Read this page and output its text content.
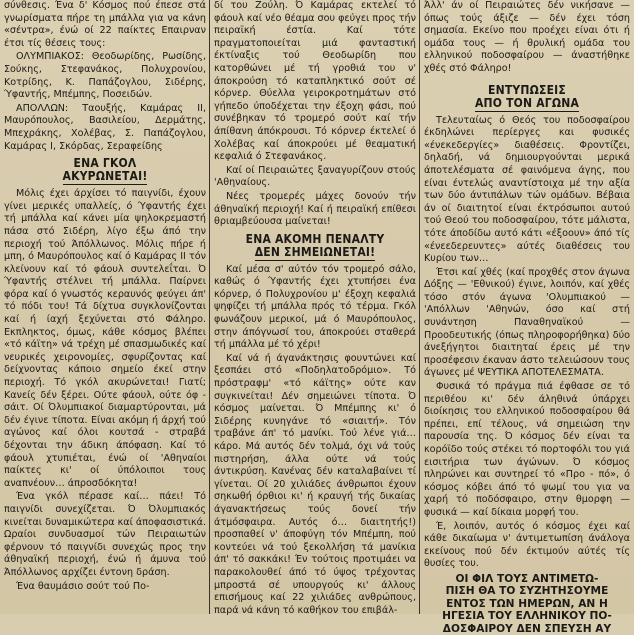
σύνθεσις. Ένα δ' Κόσμος πού έπεσε στά γνωρίσματα πήρε τη μπάλλα για να κάνη «σέντρα», ένώ οί 22 παίκτες Επαιρναν έτσι τίς θέσεις τους:

ΟΛΥΜΠΙΑΚΟΣ: Θεοδωρίδης, Ρωσίδης, Σούκης, Στεφανάκος, Πολυχρονίου, Κοτρίδης, Κ. Παπάζογλου, Σιδέρης, Ύφαντής, Μπέμπης, Ποσειδών.

ΑΠΟΛΛΩΝ: Ταουξής, Καμάρας ΙΙ, Μαυρόπουλος, Βασιλείου, Δερμάτης, Μπεχράκης, Χολέβας, Σ. Παπάζογλου, Καμάρας Ι, Σκόρδας, Σεραφείδης

ΕΝΑ ΓΚΟΛ
ΑΚΥΡΩΝΕΤΑΙ!

Μόλις έχει άρχίσει τό παιγνίδι, έχουν γίνει μερικές υπαλλείς, ό Ύφαντής έχει τή μπάλλα καί κάνει μία ψηλοκρεμαστή πάσα στό Σιδέρη, λίγο έξω άπό την περιοχή τού Άπόλλωνος. Μόλις πήρε ή μπη, ό Μαυρόπουλος καί ό Καμάρας ΙΙ τόν κλείνουν καί τό φάουλ συντελεΐται. Ό Ύφαντής στέλνει τή μπάλλα. Παίρνει φόρα καί ό γνωστός κεραυνός φεύγει άπ' τό πόδι του! Τά δίχτυα συγκλονίζονται καί ή ίαχή ξεχύνεται στό Φάληρο. Εκπληκτος, όμως, κάθε κόσμος βλέπει «τό κάϊτη» νά τρέχη μέ σπασμωδικές καί νευρικές χειρονομίες, σφυρίζοντας καί δείχνοντας κάποιο σημείο έκεί στην περιοχή. Τό γκόλ ακυρώνεται! Γιατί; Κανείς δέν ξέρει. Ούτε φάουλ, ούτε όφ - σάιτ. Οί Όλυμπιακοί διαμαρτύρονται, μά δέν έγινε τίποτα. Είναι ακόμη ή άρχή τού αγώνος καί όλοι κουτσά - στραβά δέχονται την άδικη άπόφαση. Καί τό φάουλ χτυπιέται, ένώ οί 'Αθηναίοι παίκτες κι' οί ύπόλοιποι τους αναπνέουν… άπροσδόκητα!

Ένα γκόλ πέρασε καί… πάει! Τό παιγνίδι συνεχίζεται. Ό Όλυμπιακός κινείται δυναμικώτερα καί άποφασιστικά. Ωραίοι συνδυασμοί τών Πειραιωτών φέρνουν τό παιγνίδι συνεχώς προς την άθηναϊκή περιοχή, ένώ ή άμυνα τού Άπόλλωνος αρχίζει έντονη δράση.

Ένα θαυμάσιο σούτ τού Πο-

δί του Ζούλη. Ό Καμάρας εκτελεί τό φάουλ καί νέο θέαμα σου φεύγει προς τήν πειραϊκή έστία. Καί τότε πραγματοποιείται μιά φανταστική έκτίναξις τού Θεοδωρίδη που κατορθώνει μέ τή γροθιά του ν' άποκρούση τό καταπληκτικό σούτ σέ κόρνερ. Θύελλα γειροκροτημάτων στό γήπεδο ύποδέχεται την έξοχη φάσι, πού συνέβηκαν τό τρομερό σούτ καί τήν άπίθανη άπόκρουσι. Τό κόρνερ έκτελεί ό Χολέβας καί άποκρούει μέ θεαματική κεφαλιά ό Στεφανάκος.

Καί οί Πειραιώτες ξαναγυρίζουν στούς 'Αθηναίους.

Νέες τρομερές μάχες δονούν τήν άθηναϊκή περιοχή! Καί ή πειραϊκή επίθεσι θριαμβεύουσα μαίνεται!

ΕΝΑ ΑΚΟΜΗ ΠΕΝΑΛΤΥ
ΔΕΝ ΣΗΜΕΙΩΝΕΤΑΙ!

Καί μέσα σ' αύτόν τόν τρομερό σάλο, καθώς ό Ύφαντής έχει χτυπήσει ένα κόρνερ, ό Πολυχρονίου μ' έξοχη κεφαλιά ψηφίζει τή μπάλλα πρός τό τέρμα. Γκόλ φωνάζουν μερικοί, μά ό Μαυρόπουλος, στην άπόγνωσί του, άποκρούει σταθερά τή μπάλλα μέ τό χέρι!

Καί νά ή άγανάκτησις φουντώνει καί ξεσπάει στό «Ποδηλατοδρόμιο». Τό πρόστραφμ' «τό κάϊτης» ούτε καν συγκινείται! Δέν σημειώνει τίποτα. Ό κόσμος μαίνεται. Ό Μπέμπης κι' ό Σιδέρης κυνηγάνε τό «σιαιτή». Τόν τραβάνε άπ' τό μανίκι. Τού λένε γιά… κάρο. Μά αυτός δέν τολμά, όχι νά τούς πιστηρήση, άλλα ούτε νά τούς άντικρύση. Κανένας δέν καταλαβαίνει τί γίνεται. Οί 20 χιλιάδες άνθρωποι έχουν σηκωθή όρθιοι κι' ή κραυγή τής δικαίας άγανακτήσεως τούς δονεί τήν άτμόσφαιρα. Αυτός ό… διαιτητής!) προσπαθεί ν' άποφύγη τόν Μπέμπη, πού κοντεύει νά τού ξεκολλήση τά μανίκια άπ' τό σακκάκι! Έν τούτοις προτιμάει να παρακολουθεί άπό τό ύψος τρέχοντας μπροστά σέ υπουργούς κι' άλλους επισήμους καί 22 χιλιάδες ανθρώπους, παρά νά κάνη τό καθήκον του επιβάλ-

Άλλ' άν οί Πειραιώτες δέν νικήσανε — όπως τούς άξιζε — δέν έχει τόση σημασία. Εκείνο που προέχει είναι ότι ή ομάδα τους — ή θρυλική ομάδα του ελληνικού ποδοσφαίρου — άναστήθηκε χθές στό Φάληρο!

ΕΝΤΥΠΩΣΕΙΣ
ΑΠΟ ΤΟΝ ΑΓΩΝΑ

Τελευταίως ό Θεός του ποδοσφαίρου έκδηλώνει περίεργες και φυσικές «ένεκεδεργίες» διαθέσεις. Φροντίζει, δηλαδή, νά δημιουργούνται μερικά άποτελέσματα σέ φαινόμενα άγης, που είναι έντελώς αναντίστοιχα μέ την αξία των δύο άντιπάλων τών ομάδων. Βέβαια άν οί διαιτητοί είναι έκτρόσωποι αυτού τού Θεού του ποδοσφαίρου, τότε μάλιστα, τότε άποδίδω αυτό κάτι «έξοουν» άπό τίς «ένεεδερευντες» αύτές διαθέσεις του Κυρίου των…

Έτσι καί χθές (καί προχθές στον άγωνα Δόξης — 'Εθνικού) έγινε, λοιπόν, καί χθές τόσο στόν άγωνα 'Ολυμπιακού — 'Απόλλων 'Αθηνών, όσο καί στή συνάντηση Παναθηναϊκού — Προοδευτικής (όπως πληροφορήθηκα) δύο άνεξήγητοι διαιτηταί έρεις μέ την προσέφεσιν έκαναν άστο τελειώσουν τους άγωνες μέ ΨΕΥΤΙΚΑ ΑΠΟΤΕΛΕΣΜΑΤΑ.

Φυσικά τό πράγμα πιά έφθασε σε τό περιθέου κι' δέν άληθινά ύπάρχει διοίκησις του ελληνικού ποδοσφαίρου θά πρέπει, επί τέλους, νά σημειώση την παρουσία της. Ό κόσμος δέν είναι τα κορόϊδο τούς στέκει τό πορτοφόλι του γιά εισιτήρια των άγώνων. Ό κόσμος πληρώνει και συντηρεί τό «Προ - πό», ό κόσμος κόβει άπό τό ψωμί του για να χαρή τό ποδόσφαιρο, στην θμορφη — φυσικά — καί δίκαια μορφή του.

Έ, λοιπόν, αυτός ό κόσμος έχει καί κάθε δικαίωμα ν' άντιμετωπίση άνάλογα εκείνους πού δέν έκτιμούν αύτές τίς θυσίες του.

ΟΙ ΦΙΛ ΤΟΥΣ ΑΝΤΙΜΕΤΩ-
ΠΙΣΗ ΘΑ ΤΟ ΣΥΖΗΤΗΣΟΥΜΕ
ΕΝΤΟΣ ΤΩΝ ΗΜΕΡΩΝ, ΑΝ Η
ΗΓΕΣΙΑ ΤΟΥ ΕΛΛΗΝΙΚΟΥ ΠΟ-
ΔΟΣΦΑΙΡΟΥ ΔΕΝ ΣΠΕΥΣΗ ΑΥ
